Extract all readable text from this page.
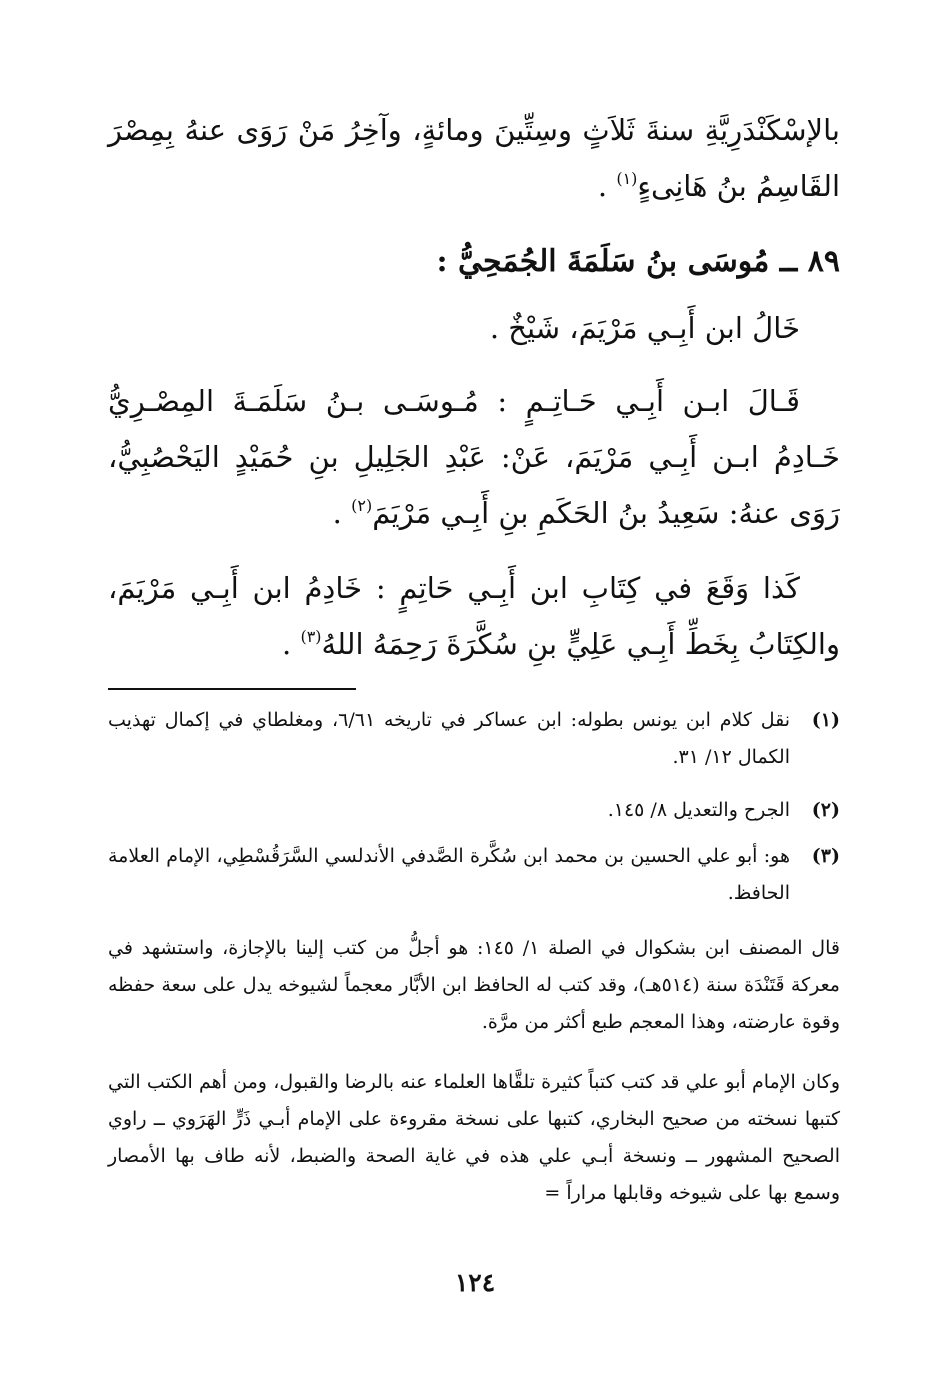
بالإسْكَنْدَرِيَّةِ سنةَ ثَلاَثٍ وسِتِّينَ ومائةٍ، وآخِرُ مَنْ رَوَى عنهُ بِمِصْرَ القَاسِمُ بنُ هَانِىءٍ$^{(١)}$ .

٨٩ ــ مُوسَى بنُ سَلَمَةَ الجُمَحِيُّ :

خَالُ ابن أَبِـي مَرْيَمَ، شَيْخٌ .

قَـالَ ابـن أَبِـي حَـاتِـمٍ : مُـوسَـى بـنُ سَلَمَـةَ المِصْـرِيُّ خَـادِمُ ابـن أَبِـي مَرْيَمَ، عَنْ: عَبْدِ الجَلِيلِ بنِ حُمَيْدٍ اليَحْصُبِيُّ، رَوَى عنهُ: سَعِيدُ بنُ الحَكَمِ بنِ أَبِـي مَرْيَمَ$^{(٢)}$ .

كَذا وَقَعَ في كِتَابِ ابن أَبِـي حَاتِمٍ : خَادِمُ ابن أَبِـي مَرْيَمَ، والكِتَابُ بِخَطِّ أَبِـي عَلِيٍّ بنِ سُكَّرَةَ رَحِمَهُ اللهُ$^{(٣)}$ .

(١)
نقل كلام ابن يونس بطوله: ابن عساكر في تاريخه ٦/٦١، ومغلطاي في إكمال تهذيب الكمال ١٢/ ٣١.
(٢)
الجرح والتعديل ٨/ ١٤٥.
(٣)
هو: أبو علي الحسين بن محمد ابن سُكَّرة الصَّدفي الأندلسي السَّرَقُسْطِي، الإمام العلامة الحافظ.

قال المصنف ابن بشكوال في الصلة ١/ ١٤٥: هو أجلُّ من كتب إلينا بالإجازة، واستشهد في معركة قَتَنْدَة سنة (٥١٤هـ)، وقد كتب له الحافظ ابن الأبَّار معجماً لشيوخه يدل على سعة حفظه وقوة عارضته، وهذا المعجم طبع أكثر من مرَّة.

وكان الإمام أبو علي قد كتب كتباً كثيرة تلقَّاها العلماء عنه بالرضا والقبول، ومن أهم الكتب التي كتبها نسخته من صحيح البخاري، كتبها على نسخة مقروءة على الإمام أبـي ذَرٍّ الهَرَوي ــ راوي الصحيح المشهور ــ ونسخة أبـي علي هذه في غاية الصحة والضبط، لأنه طاف بها الأمصار وسمع بها على شيوخه وقابلها مراراً =

١٢٤
